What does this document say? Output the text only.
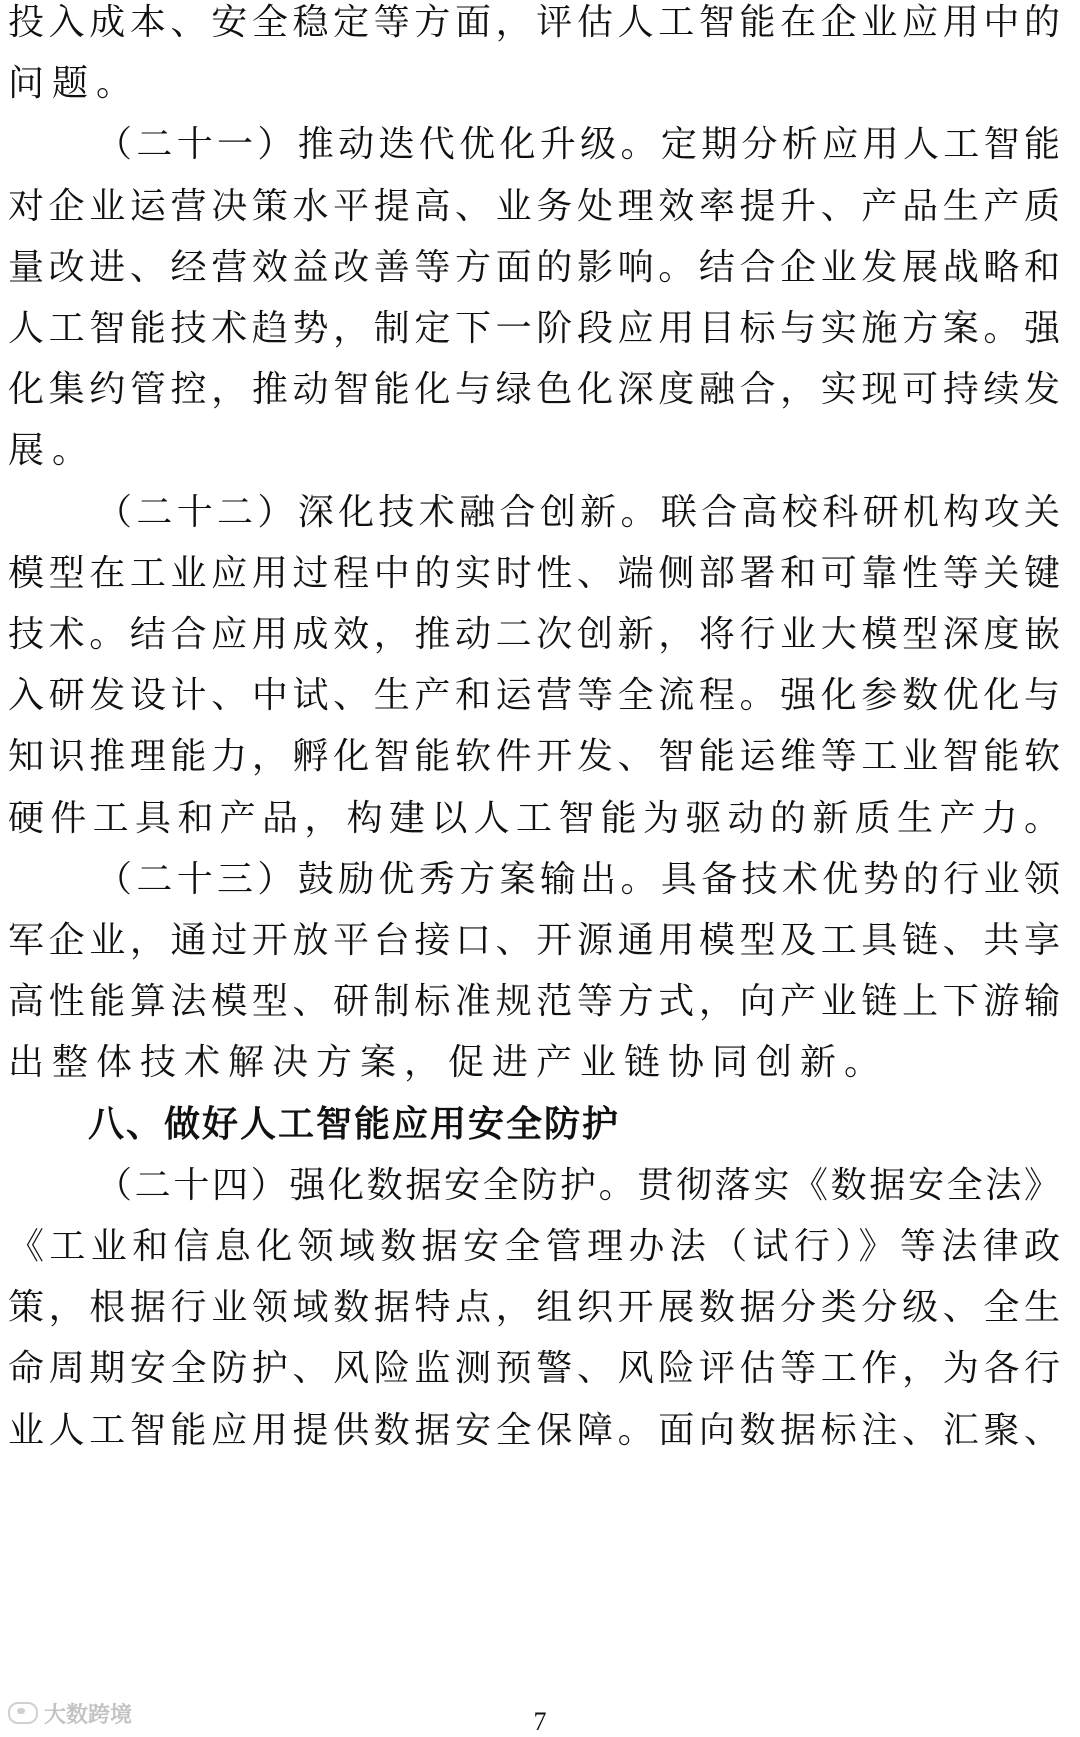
投入成本、安全稳定等方面，评估人工智能在企业应用中的
问题。
（二十一）推动迭代优化升级。定期分析应用人工智能
对企业运营决策水平提高、业务处理效率提升、产品生产质
量改进、经营效益改善等方面的影响。结合企业发展战略和
人工智能技术趋势，制定下一阶段应用目标与实施方案。强
化集约管控，推动智能化与绿色化深度融合，实现可持续发
展。
（二十二）深化技术融合创新。联合高校科研机构攻关
模型在工业应用过程中的实时性、端侧部署和可靠性等关键
技术。结合应用成效，推动二次创新，将行业大模型深度嵌
入研发设计、中试、生产和运营等全流程。强化参数优化与
知识推理能力，孵化智能软件开发、智能运维等工业智能软
硬件工具和产品，构建以人工智能为驱动的新质生产力。
（二十三）鼓励优秀方案输出。具备技术优势的行业领
军企业，通过开放平台接口、开源通用模型及工具链、共享
高性能算法模型、研制标准规范等方式，向产业链上下游输
出整体技术解决方案，促进产业链协同创新。
八、做好人工智能应用安全防护
（二十四）强化数据安全防护。贯彻落实《数据安全法》
《工业和信息化领域数据安全管理办法（试行）》等法律政
策，根据行业领域数据特点，组织开展数据分类分级、全生
命周期安全防护、风险监测预警、风险评估等工作，为各行
业人工智能应用提供数据安全保障。面向数据标注、汇聚、
大数跨境	7
